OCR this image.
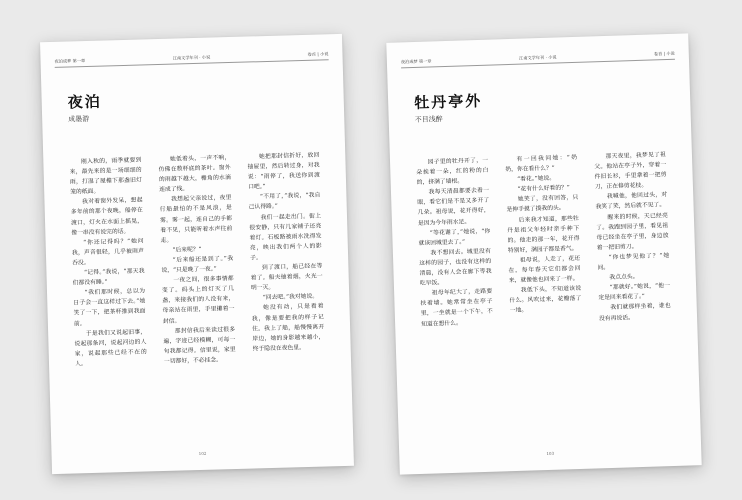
夜泊成梦 第一章
江南文学年刊 · 小说
卷首 | 小说
夜泊
成墨游

刚入秋的，雨季就要到来，最先来的是一场细细的雨，打湿了屋檐下那盏旧灯笼的纸面。

我对着窗外发呆，想起多年前的那个夜晚，船停在渡口，灯火在水面上摇晃，像一串没有说完的话。

“你还记得吗？”她问我，声音很轻，几乎被雨声吞没。

“记得。”我说，“那天我们都没有睡。”

“我们那时候，总以为日子会一直这样过下去。”她笑了一下，把茶杯推到我面前。

于是我们又说起旧事，说起那条河，说起河边的人家，说起那些已经不在的人。

她低着头，一声不响，仿佛在数杯底的茶叶。窗外的雨越下越大，檐角的水滴连成了线。

我想起父亲说过，夜里行船最怕的不是风浪，是雾。雾一起，连自己的手都看不见，只能听着水声往前走。

“后来呢？”

“后来船还是到了。”我说，“只是晚了一夜。”

一夜之间，很多事情都变了。码头上的灯灭了几盏，来接我们的人没有来，母亲站在雨里，手里攥着一封信。

那封信我后来读过很多遍，字迹已经模糊，可每一句我都记得。信里说，家里一切都好，不必挂念。

她把那封信折好，放回抽屉里，然后转过身，对我说：“雨停了，我送你到渡口吧。”

“不用了，”我说，“我自己认得路。”

我们一起走出门。街上很安静，只有几家铺子还亮着灯。石板路被雨水洗得发亮，映出我们两个人的影子。

到了渡口，船已经在等着了。船夫抽着烟，火光一明一灭。

“回去吧。”我对她说。

她没有动，只是看着我，像是要把我的样子记住。我上了船，船慢慢离开岸边，她的身影越来越小，终于隐没在夜色里。

102
夜泊成梦 第一章
江南文学年刊 · 小说
卷首 | 小说
牡丹亭外
不目浅醉

园子里的牡丹开了，一朵挨着一朵，红的粉的白的，挤满了墙根。

我每天清晨都要去看一眼，看它们是不是又多开了几朵。祖母说，花开得好，是因为今年雨水足。

“等花谢了，”她说，“你就该回城里去了。”

我不想回去。城里没有这样的园子，也没有这样的清晨，没有人会在廊下等我吃早饭。

祖母年纪大了，走路要扶着墙。她常常坐在亭子里，一坐就是一个下午，不知道在想什么。

有一回我问她：“奶奶，你在看什么？”

“看花。”她说。

“花有什么好看的？”

她笑了，没有回答，只是伸手摸了摸我的头。

后来我才知道，那些牡丹是祖父年轻时亲手种下的。他走的那一年，花开得特别好，满园子都是香气。

祖母说，人走了，花还在，每年春天它们都会回来，就像他也回来了一样。

我低下头，不知道该说什么。风吹过来，花瓣落了一地。

那天夜里，我梦见了祖父。他站在亭子外，穿着一件旧长衫，手里拿着一把剪刀，正在修剪花枝。

我喊他，他回过头，对我笑了笑，然后就不见了。

醒来的时候，天已经亮了。我跑到园子里，看见祖母已经坐在亭子里，身边放着一把旧剪刀。

“你也梦见他了？”她问。

我点点头。

“那就好。”她说，“他一定是回来看花了。”

我们就那样坐着，谁也没有再说话。

103
